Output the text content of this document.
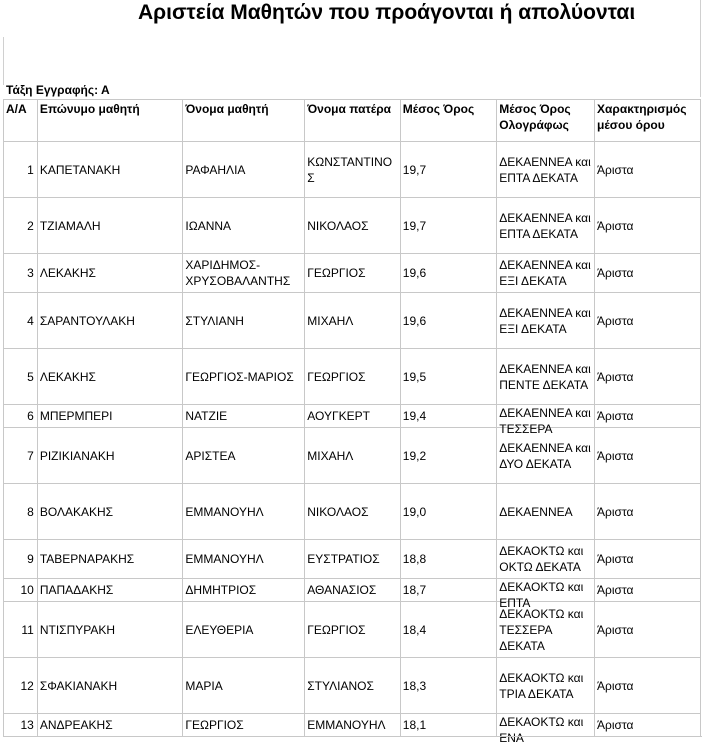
Αριστεία Μαθητών που προάγονται ή απολύονται
Τάξη Εγγραφής: Α
Α/Α	Επώνυμο μαθητή	Όνομα μαθητή	Όνομα πατέρα	Μέσος Όρος	Μέσος Όρος Ολογράφως	Χαρακτηρισμός μέσου όρου

1	ΚΑΠΕΤΑΝΑΚΗ	ΡΑΦΑΗΛΙΑ	ΚΩΝΣΤΑΝΤΙΝΟΣ	19,7	ΔΕΚΑΕΝΝΕΑ και ΕΠΤΑ ΔΕΚΑΤΑ	Άριστα

2	ΤΖΙΑΜΑΛΗ	ΙΩΑΝΝΑ	ΝΙΚΟΛΑΟΣ	19,7	ΔΕΚΑΕΝΝΕΑ και ΕΠΤΑ ΔΕΚΑΤΑ	Άριστα

3	ΛΕΚΑΚΗΣ	ΧΑΡΙΔΗΜΟΣ-ΧΡΥΣΟΒΑΛΑΝΤΗΣ	ΓΕΩΡΓΙΟΣ	19,6	ΔΕΚΑΕΝΝΕΑ και ΕΞΙ ΔΕΚΑΤΑ	Άριστα

4	ΣΑΡΑΝΤΟΥΛΑΚΗ	ΣΤΥΛΙΑΝΗ	ΜΙΧΑΗΛ	19,6	ΔΕΚΑΕΝΝΕΑ και ΕΞΙ ΔΕΚΑΤΑ	Άριστα

5	ΛΕΚΑΚΗΣ	ΓΕΩΡΓΙΟΣ-ΜΑΡΙΟΣ	ΓΕΩΡΓΙΟΣ	19,5	ΔΕΚΑΕΝΝΕΑ και ΠΕΝΤΕ ΔΕΚΑΤΑ	Άριστα

6	ΜΠΕΡΜΠΕΡΙ	ΝΑΤΖΙΕ	ΑΟΥΓΚΕΡΤ	19,4	ΔΕΚΑΕΝΝΕΑ και ΤΕΣΣΕΡΑ	Άριστα

7	ΡΙΖΙΚΙΑΝΑΚΗ	ΑΡΙΣΤΕΑ	ΜΙΧΑΗΛ	19,2	ΔΕΚΑΕΝΝΕΑ και ΔΥΟ ΔΕΚΑΤΑ	Άριστα

8	ΒΟΛΑΚΑΚΗΣ	ΕΜΜΑΝΟΥΗΛ	ΝΙΚΟΛΑΟΣ	19,0	ΔΕΚΑΕΝΝΕΑ	Άριστα

9	ΤΑΒΕΡΝΑΡΑΚΗΣ	ΕΜΜΑΝΟΥΗΛ	ΕΥΣΤΡΑΤΙΟΣ	18,8	ΔΕΚΑΟΚΤΩ και ΟΚΤΩ ΔΕΚΑΤΑ	Άριστα

10	ΠΑΠΑΔΑΚΗΣ	ΔΗΜΗΤΡΙΟΣ	ΑΘΑΝΑΣΙΟΣ	18,7	ΔΕΚΑΟΚΤΩ και ΕΠΤΑ	Άριστα

11	ΝΤΙΣΠΥΡΑΚΗ	ΕΛΕΥΘΕΡΙΑ	ΓΕΩΡΓΙΟΣ	18,4	ΔΕΚΑΟΚΤΩ και ΤΕΣΣΕΡΑ ΔΕΚΑΤΑ	Άριστα

12	ΣΦΑΚΙΑΝΑΚΗ	ΜΑΡΙΑ	ΣΤΥΛΙΑΝΟΣ	18,3	ΔΕΚΑΟΚΤΩ και ΤΡΙΑ ΔΕΚΑΤΑ	Άριστα

13	ΑΝΔΡΕΑΚΗΣ	ΓΕΩΡΓΙΟΣ	ΕΜΜΑΝΟΥΗΛ	18,1	ΔΕΚΑΟΚΤΩ και ΕΝΑ	Άριστα
